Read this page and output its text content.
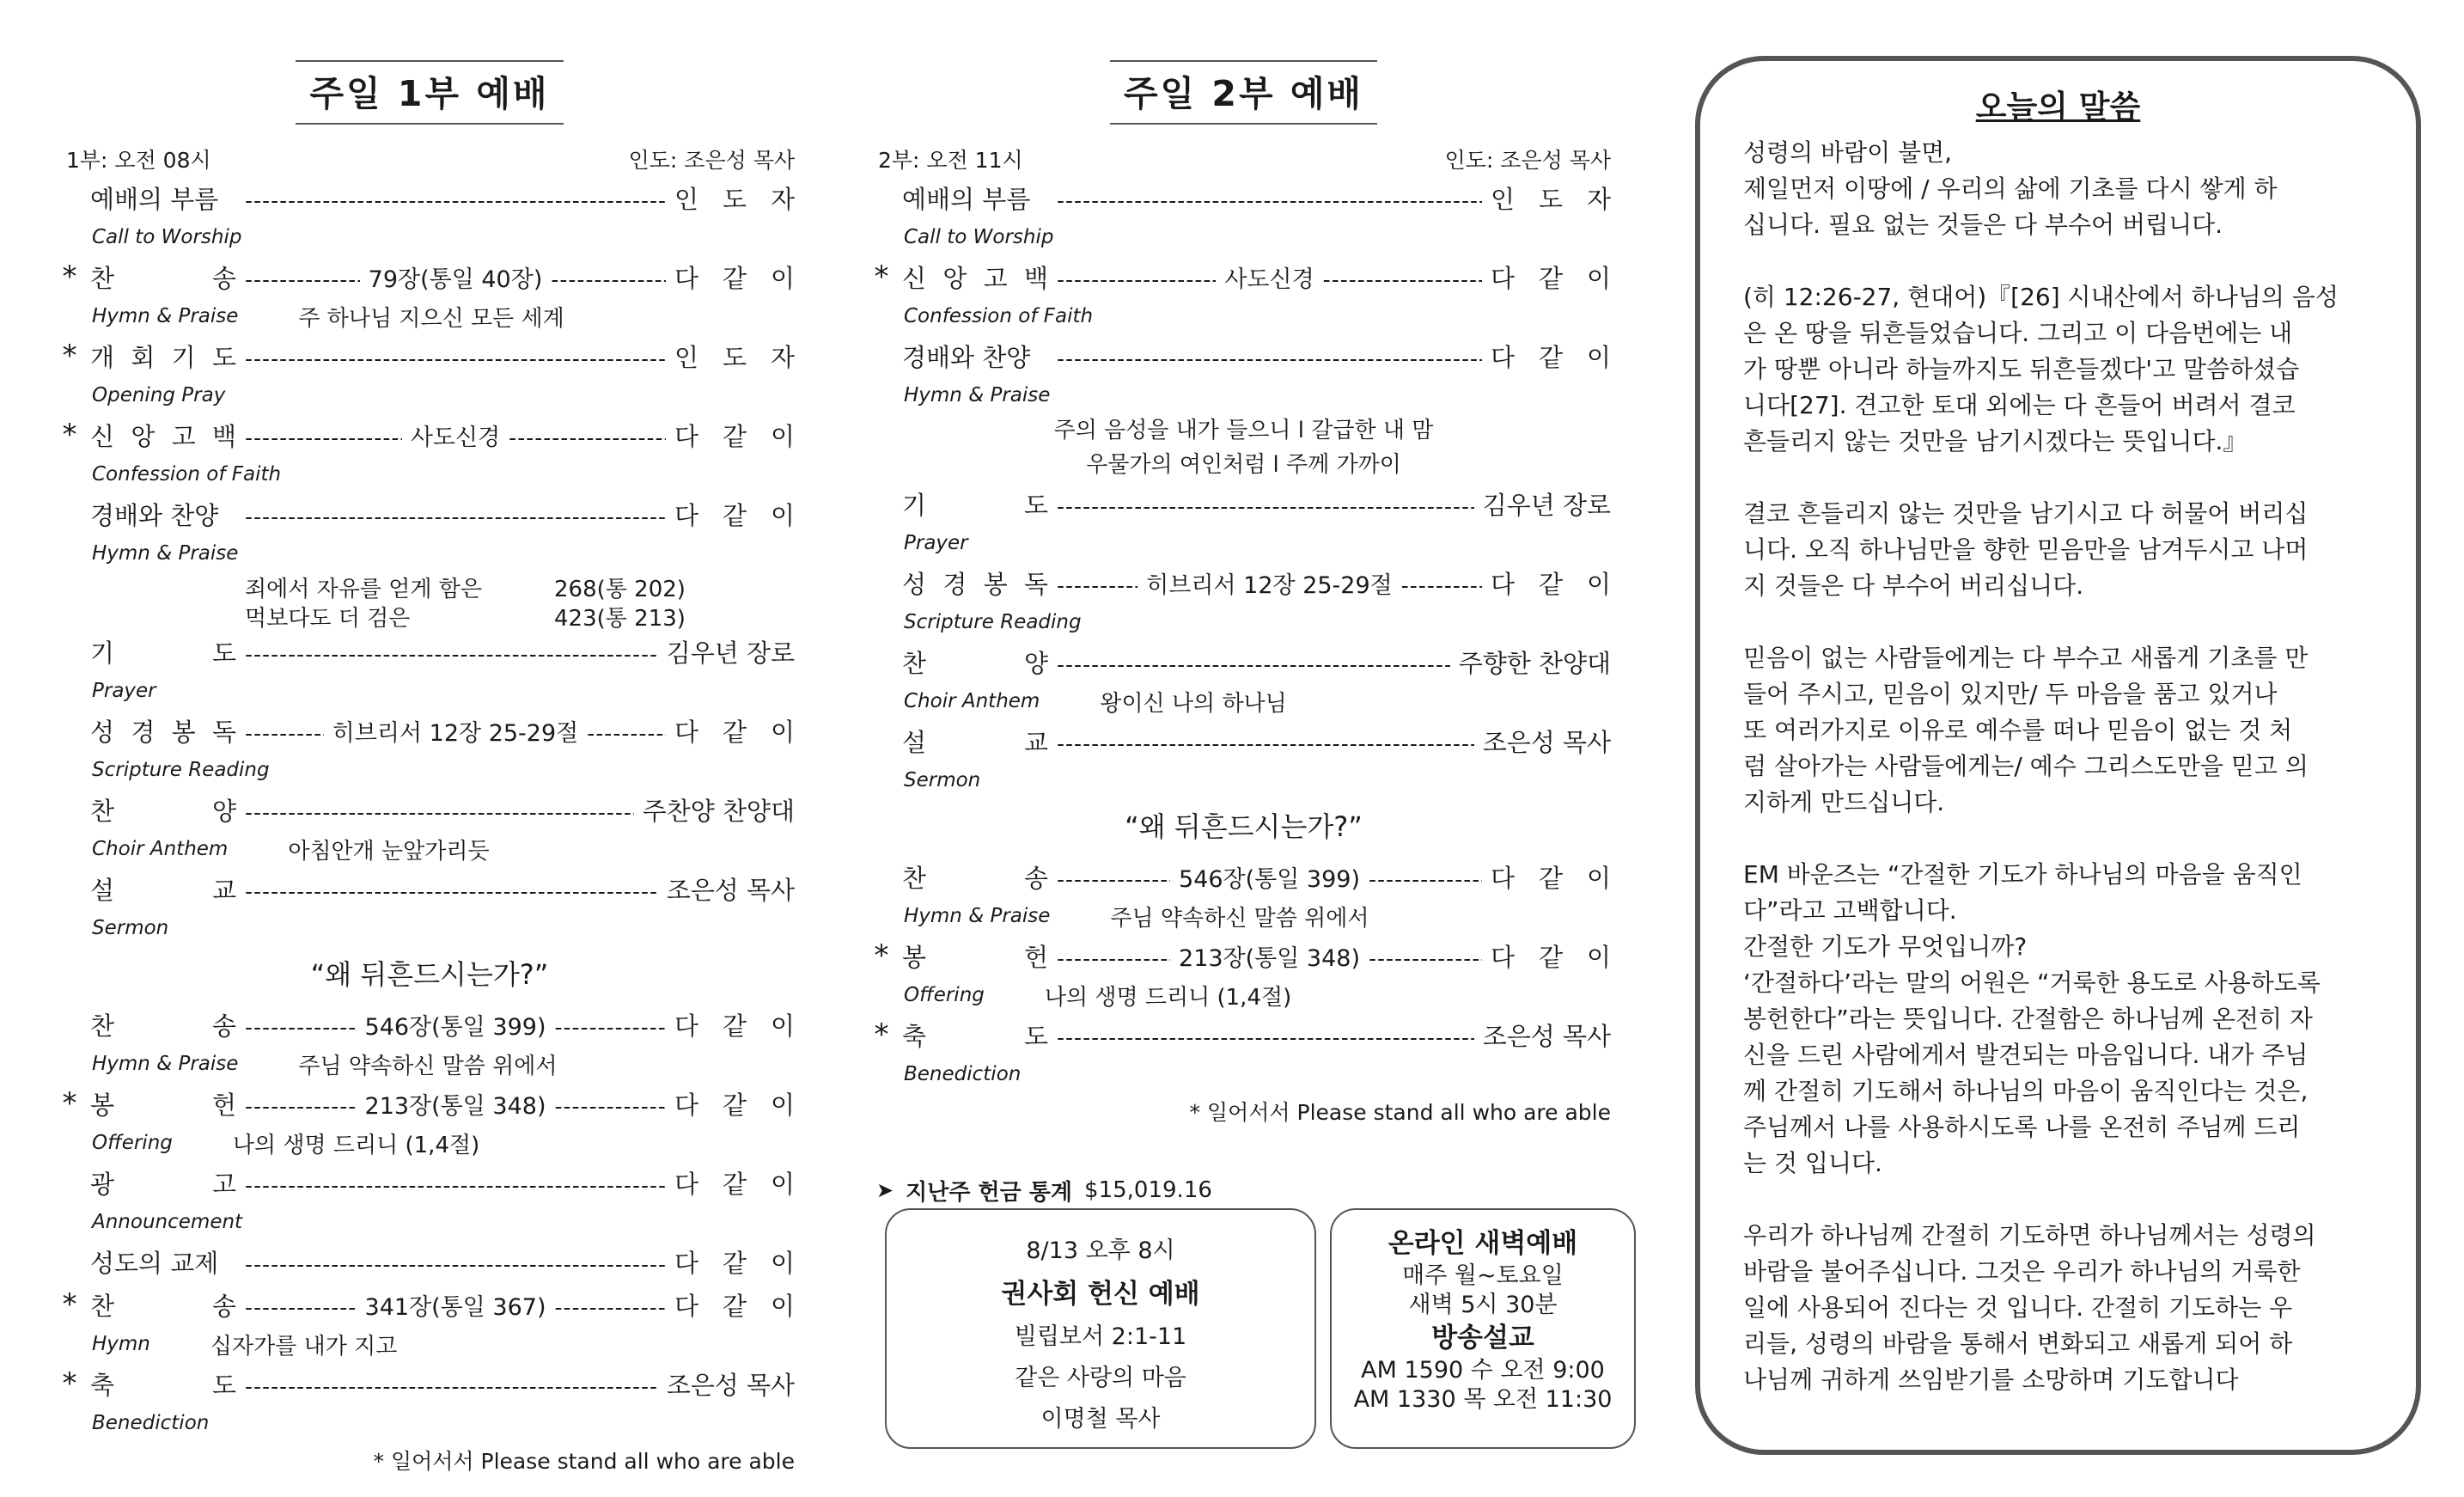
주일 1부 예배
1부: 오전 08시	인도: 조은성 목사
예배의 부름 -----	인 도 자
Call to Worship
* 찬	송 -----	79장(통일 40장) -----	다 같 이
Hymn & Praise	주 하나님 지으신 모든 세계
* 개 회 기 도 -----	인 도 자
Opening Pray
* 신 앙 고 백 -----	사도신경 -----	다 같 이
Confession of Faith
경배와 찬양 -----	다 같 이
Hymn & Praise
죄에서 자유를 얻게 함은	268(통 202)
먹보다도 더 검은	423(통 213)
기	도 -----	김우년 장로
Prayer
성 경 봉 독 -----	히브리서 12장 25-29절 -----	다 같 이
Scripture Reading
찬	양 -----	주찬양 찬양대
Choir Anthem	아침안개 눈앞가리듯
설	교 -----	조은성 목사
Sermon
“왜 뒤흔드시는가?”
찬	송 -----	546장(통일 399) -----	다 같 이
Hymn & Praise	주님 약속하신 말씀 위에서
* 봉	헌 -----	213장(통일 348) -----	다 같 이
Offering	나의 생명 드리니 (1,4절)
광	고 -----	다 같 이
Announcement
성도의 교제 -----	다 같 이
* 찬	송 -----	341장(통일 367) -----	다 같 이
Hymn	십자가를 내가 지고
* 축	도 -----	조은성 목사
Benediction
* 일어서서 Please stand all who are able
주일 2부 예배
2부: 오전 11시	인도: 조은성 목사
예배의 부름 -----	인 도 자
Call to Worship
* 신 앙 고 백 -----	사도신경 -----	다 같 이
Confession of Faith
경배와 찬양 -----	다 같 이
Hymn & Praise
주의 음성을 내가 들으니 l 갈급한 내 맘
우물가의 여인처럼 l 주께 가까이
기	도 -----	김우년 장로
Prayer
성 경 봉 독 -----	히브리서 12장 25-29절 -----	다 같 이
Scripture Reading
찬	양 -----	주향한 찬양대
Choir Anthem	왕이신 나의 하나님
설	교 -----	조은성 목사
Sermon
“왜 뒤흔드시는가?”
찬	송 -----	546장(통일 399) -----	다 같 이
Hymn & Praise	주님 약속하신 말씀 위에서
* 봉	헌 -----	213장(통일 348) -----	다 같 이
Offering	나의 생명 드리니 (1,4절)
* 축	도 -----	조은성 목사
Benediction
* 일어서서 Please stand all who are able
➤ 지난주 헌금 통계 $15,019.16
8/13 오후 8시
권사회 헌신 예배
빌립보서 2:1-11
같은 사랑의 마음
이명철 목사
온라인 새벽예배
매주 월~토요일
새벽 5시 30분
방송설교
AM 1590 수 오전 9:00
AM 1330 목 오전 11:30
오늘의 말씀
성령의 바람이 불면,
제일먼저 이땅에 / 우리의 삶에 기초를 다시 쌓게 하
십니다. 필요 없는 것들은 다 부수어 버립니다.
(히 12:26-27, 현대어)『[26] 시내산에서 하나님의 음성
은 온 땅을 뒤흔들었습니다. 그리고 이 다음번에는 내
가 땅뿐 아니라 하늘까지도 뒤흔들겠다'고 말씀하셨습
니다[27]. 견고한 토대 외에는 다 흔들어 버려서 결코
흔들리지 않는 것만을 남기시겠다는 뜻입니다.』
결코 흔들리지 않는 것만을 남기시고 다 허물어 버리십
니다. 오직 하나님만을 향한 믿음만을 남겨두시고 나머
지 것들은 다 부수어 버리십니다.
믿음이 없는 사람들에게는 다 부수고 새롭게 기초를 만
들어 주시고, 믿음이 있지만/ 두 마음을 품고 있거나
또 여러가지로 이유로 예수를 떠나 믿음이 없는 것 처
럼 살아가는 사람들에게는/ 예수 그리스도만을 믿고 의
지하게 만드십니다.
EM 바운즈는 “간절한 기도가 하나님의 마음을 움직인
다”라고 고백합니다.
간절한 기도가 무엇입니까?
‘간절하다’라는 말의 어원은 “거룩한 용도로 사용하도록
봉헌한다”라는 뜻입니다. 간절함은 하나님께 온전히 자
신을 드린 사람에게서 발견되는 마음입니다. 내가 주님
께 간절히 기도해서 하나님의 마음이 움직인다는 것은,
주님께서 나를 사용하시도록 나를 온전히 주님께 드리
는 것 입니다.
우리가 하나님께 간절히 기도하면 하나님께서는 성령의
바람을 불어주십니다. 그것은 우리가 하나님의 거룩한
일에 사용되어 진다는 것 입니다. 간절히 기도하는 우
리들, 성령의 바람을 통해서 변화되고 새롭게 되어 하
나님께 귀하게 쓰임받기를 소망하며 기도합니다
